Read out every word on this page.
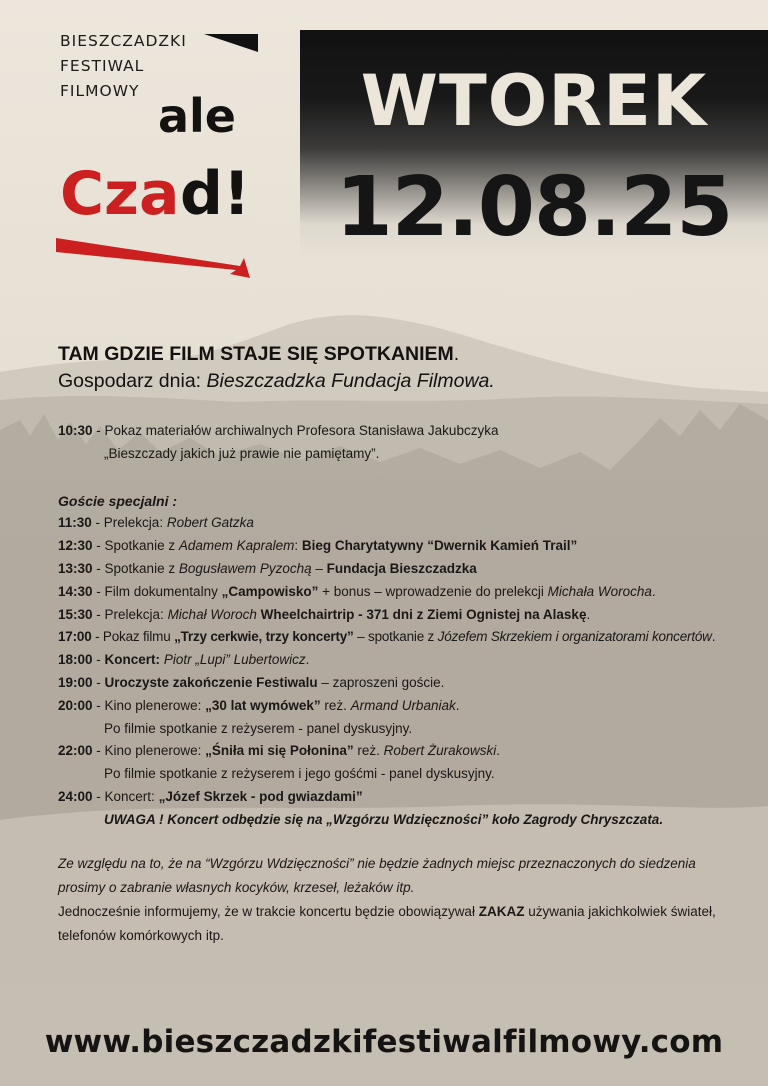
ale
Cza d!
BIESZCZADZKI
FESTIWAL
FILMOWY	WTOREK
12.08.25
TAM GDZIE FILM STAJE SIĘ SPOTKANIEM.
Gospodarz dnia: Bieszczadzka Fundacja Filmowa.
10:30 - Pokaz materiałów archiwalnych Profesora Stanisława Jakubczyka
„Bieszczady jakich już prawie nie pamiętamy”.
Goście specjalni :
11:30 - Prelekcja: Robert Gatzka
12:30 - Spotkanie z Adamem Kapralem: Bieg Charytatywny “Dwernik Kamień Trail”
13:30 - Spotkanie z Bogusławem Pyzochą – Fundacja Bieszczadzka
14:30 - Film dokumentalny „Campowisko” + bonus – wprowadzenie do prelekcji Michała Worocha.
15:30 - Prelekcja: Michał Woroch Wheelchairtrip - 371 dni z Ziemi Ognistej na Alaskę.
17:00 - Pokaz filmu „Trzy cerkwie, trzy koncerty” – spotkanie z Józefem Skrzekiem i organizatorami koncertów.
18:00 - Koncert: Piotr „Lupi” Lubertowicz.
19:00 - Uroczyste zakończenie Festiwalu – zaproszeni goście.
20:00 - Kino plenerowe: „30 lat wymówek” reż. Armand Urbaniak.
Po filmie spotkanie z reżyserem - panel dyskusyjny.
22:00 - Kino plenerowe: „Śniła mi się Połonina” reż. Robert Żurakowski.
Po filmie spotkanie z reżyserem i jego gośćmi - panel dyskusyjny.
24:00 - Koncert: „Józef Skrzek - pod gwiazdami”
UWAGA ! Koncert odbędzie się na „Wzgórzu Wdzięczności” koło Zagrody Chryszczata.
Ze względu na to, że na “Wzgórzu Wdzięczności” nie będzie żadnych miejsc przeznaczonych do siedzenia
prosimy o zabranie własnych kocyków, krzeseł, leżaków itp.
Jednocześnie informujemy, że w trakcie koncertu będzie obowiązywał ZAKAZ używania jakichkolwiek świateł,
telefonów komórkowych itp.
www.bieszczadzkifestiwalfilmowy.com
